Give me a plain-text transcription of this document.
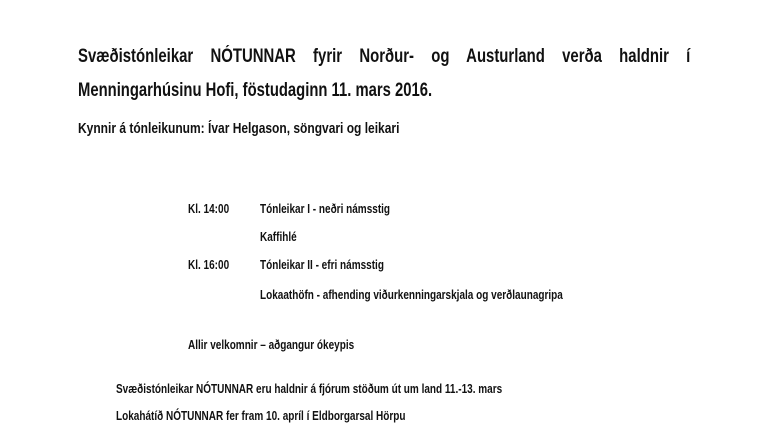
Svæðistónleikar NÓTUNNAR fyrir Norður- og Austurland verða haldnir í
Menningarhúsinu Hofi, föstudaginn 11. mars 2016.
Kynnir á tónleikunum: Ívar Helgason, söngvari og leikari
Kl. 14:00 Tónleikar I - neðri námsstig
Kaffihlé
Kl. 16:00 Tónleikar II - efri námsstig
Lokaathöfn - afhending viðurkenningarskjala og verðlaunagripa
Allir velkomnir – aðgangur ókeypis
Svæðistónleikar NÓTUNNAR eru haldnir á fjórum stöðum út um land 11.-13. mars
Lokahátíð NÓTUNNAR fer fram 10. apríl í Eldborgarsal Hörpu
